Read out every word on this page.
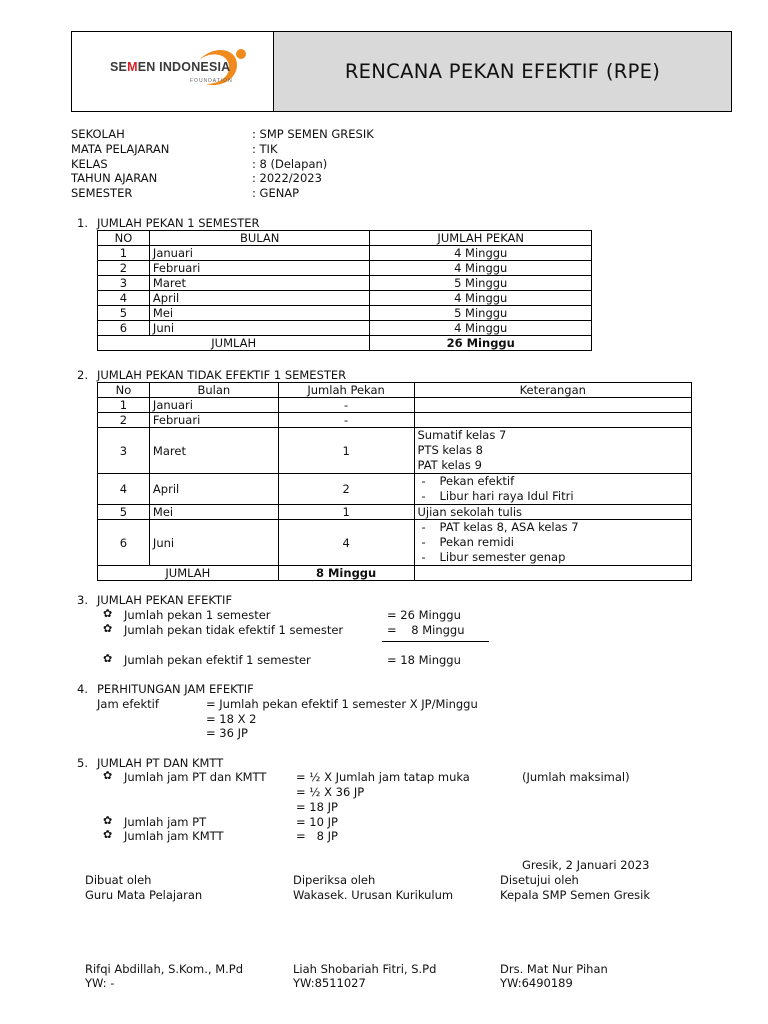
SEMEN INDONESIA
FOUNDATION	RENCANA PEKAN EFEKTIF (RPE)
SEKOLAH	: SMP SEMEN GRESIK
MATA PELAJARAN	: TIK
KELAS	: 8 (Delapan)
TAHUN AJARAN	: 2022/2023
SEMESTER	: GENAP
1. JUMLAH PEKAN 1 SEMESTER
NO	BULAN	JUMLAH PEKAN
1	Januari	4 Minggu
2	Februari	4 Minggu
3	Maret	5 Minggu
4	April	4 Minggu
5	Mei	5 Minggu
6	Juni	4 Minggu
JUMLAH		26 Minggu
2. JUMLAH PEKAN TIDAK EFEKTIF 1 SEMESTER
No	Bulan	Jumlah Pekan	Keterangan
1	Januari	-	
2	Februari	-	
3	Maret	1	Sumatif kelas 7
PTS kelas 8
PAT kelas 9

4	April	2	- Pekan efektif
- Libur hari raya Idul Fitri

5	Mei	1	Ujian sekolah tulis
6	Juni	4	- PAT kelas 8, ASA kelas 7
- Pekan remidi
- Libur semester genap

JUMLAH		8 Minggu	
3. JUMLAH PEKAN EFEKTIF
✿ Jumlah pekan 1 semester	= 26 Minggu
✿ Jumlah pekan tidak efektif 1 semester	=    8 Minggu
✿ Jumlah pekan efektif 1 semester	= 18 Minggu
4. PERHITUNGAN JAM EFEKTIF
Jam efektif	= Jumlah pekan efektif 1 semester X JP/Minggu
= 18 X 2
= 36 JP
5. JUMLAH PT DAN KMTT
✿ Jumlah jam PT dan KMTT	= ½ X Jumlah jam tatap muka	(Jumlah maksimal)
= ½ X 36 JP
= 18 JP
✿ Jumlah jam PT	= 10 JP
✿ Jumlah jam KMTT	=   8 JP
Gresik, 2 Januari 2023
Dibuat oleh
Guru Mata Pelajaran
Rifqi Abdillah, S.Kom., M.Pd
YW: -
Diperiksa oleh
Wakasek. Urusan Kurikulum
Liah Shobariah Fitri, S.Pd
YW:8511027
Disetujui oleh
Kepala SMP Semen Gresik
Drs. Mat Nur Pihan
YW:6490189
